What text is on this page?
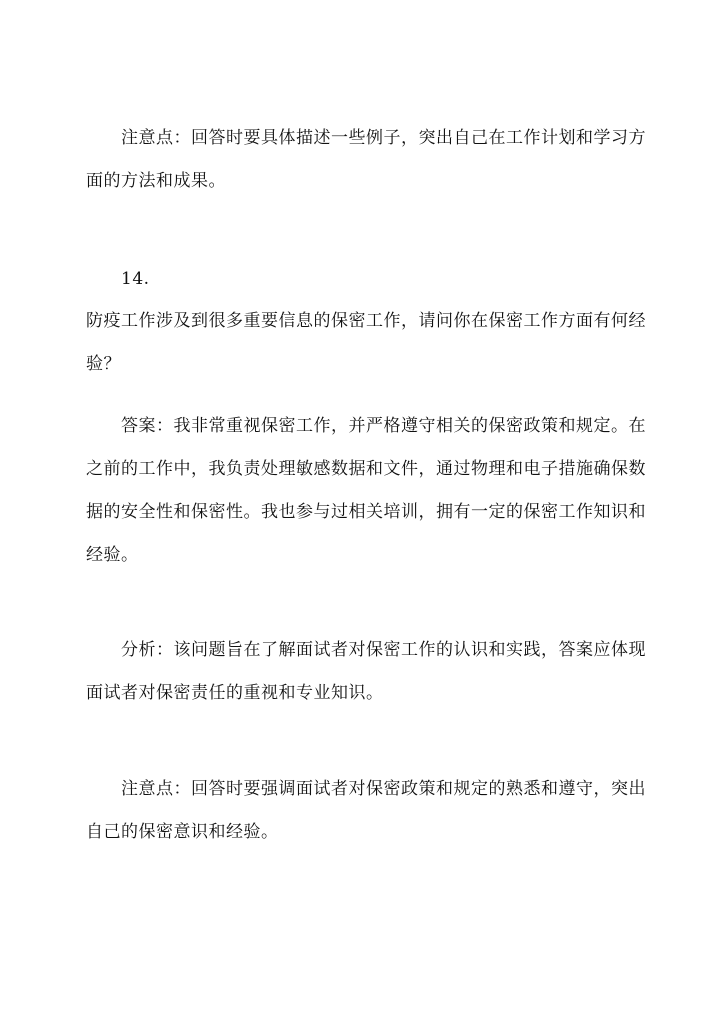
注意点：回答时要具体描述一些例子，突出自己在工作计划和学习方面的方法和成果。

14.

防疫工作涉及到很多重要信息的保密工作，请问你在保密工作方面有何经验？

答案：我非常重视保密工作，并严格遵守相关的保密政策和规定。在之前的工作中，我负责处理敏感数据和文件，通过物理和电子措施确保数据的安全性和保密性。我也参与过相关培训，拥有一定的保密工作知识和经验。

分析：该问题旨在了解面试者对保密工作的认识和实践，答案应体现面试者对保密责任的重视和专业知识。

注意点：回答时要强调面试者对保密政策和规定的熟悉和遵守，突出自己的保密意识和经验。
